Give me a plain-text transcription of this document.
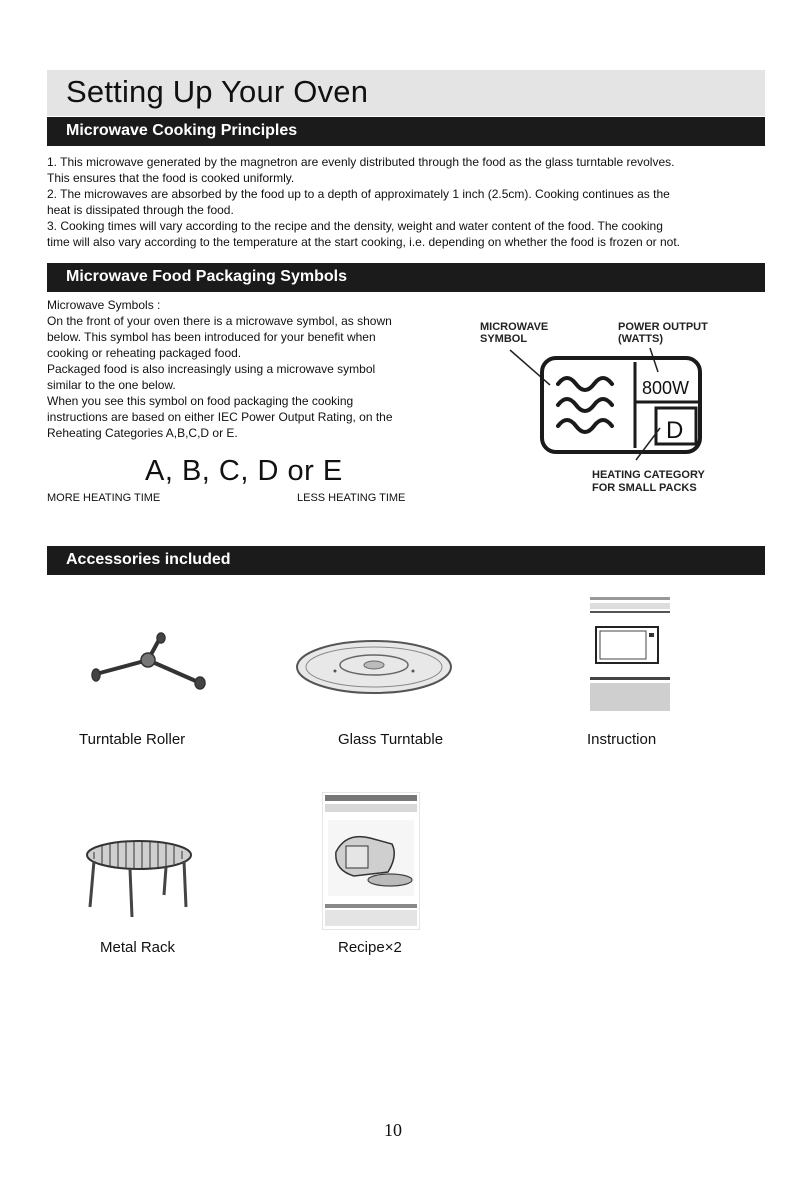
Setting Up Your Oven
Microwave Cooking Principles

1. This microwave generated by the magnetron are evenly distributed through the food as the glass turntable revolves.

This ensures that the food is cooked uniformly.

2. The microwaves are absorbed by the food up to a depth of approximately 1 inch (2.5cm). Cooking continues as the

heat is dissipated through the food.

3. Cooking times will vary according to the recipe and the density, weight and water content of the food. The cooking

time will also vary according to the temperature at the start cooking, i.e. depending on whether the food is frozen or not.

Microwave Food Packaging Symbols

Microwave Symbols :

On the front of your oven there is a microwave symbol, as shown

below. This symbol has been introduced for your benefit when

cooking or reheating packaged food.

Packaged food is also increasingly using a microwave symbol

similar to the one below.

When you see this symbol on food packaging the cooking

instructions are based on either IEC Power Output Rating, on the

Reheating Categories A,B,C,D or E.

A, B, C, D or E
MORE HEATING TIME	LESS HEATING TIME
MICROWAVE
SYMBOL
POWER OUTPUT
(WATTS)
800W
D
HEATING CATEGORY
FOR SMALL PACKS
Accessories included
Turntable Roller	Glass Turntable	Instruction
Metal Rack	Recipe×2
10
